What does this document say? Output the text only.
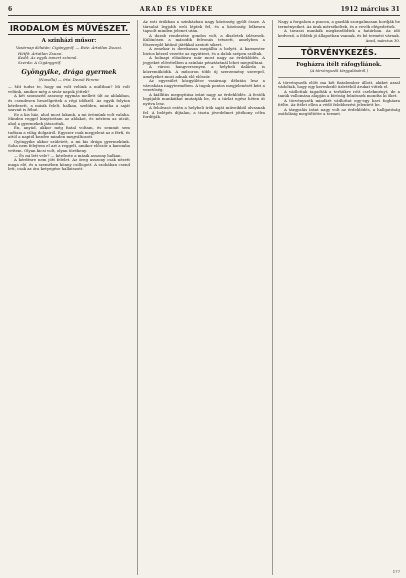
6	ARAD ÉS VIDÉKE	1912 március 31
IRODALOM ÉS MŰVÉSZET.
A szinházi műsor:
Vasárnap délután: Cigánygróf. — Este: Ártatlan Zsuzsi.
Hétfő: Ártatlan Zsuzsi.
Kedd: Az egyik ismert színmű.
Szerda: A Cigánygróf.
Gyöngyike, drága gyermek
(Novella) — írta: Dezső Ferenc

— Mit tudsz te, hogy mi volt velünk a múltban? Mi volt velünk, amikor még a sivár napok jöttek?

A két szomszéd asszony egymás mellett ült az ablakban, és csendesen beszélgettek a régi időkről. Az egyik folyton kérdezett, a másik felelt, halkan, szelíden, mintha a saját szavait is félné.

Ez a kis ház, ahol most lakunk, a mi örömünk volt valaha. Minden reggel kinyitottam az ablakot, és néztem az utcát, ahol a gyermekek játszottak.

Én, anyád, akkor még fiatal voltam, és semmit sem tudtam a világ dolgairól. Egyszer csak megjelent az a férfi, és attól a naptól kezdve minden megváltozott.

Gyöngyike akkor született, a mi kis drága gyermekünk. Soha nem felejtem el azt a reggelt, amikor először a karomba vettem. Olyan kicsi volt, olyan törékeny.

— És mi lett vele? — kérdezte a másik asszony halkan.

A kérdésre nem jött felelet. Az öreg asszony csak nézett maga elé, és a szemében könny csillogott. A szobában csend lett, csak az óra ketyegése hallatszott.

Az esti órákban a színházban nagy közönség gyűlt össze. A társulat legjobb erői léptek fel, és a közönség lelkesen tapsolt minden jelenet után.

A darab rendezése gondos volt, a díszletek ízlésesek. Különösen a második felvonás tetszett, amelyben a főszereplő kitűnő játékkal aratott sikert.

A zenekar is derekasan megállta a helyét. A karmester biztos kézzel vezette az együttest, és a dalok szépen szóltak.

A holnapi előadásra már most nagy az érdeklődés. A jegyeket elővételben a színház pénztáránál lehet megváltani.

A városi hangversenyen a helybeli dalárda is közreműködik. A műsoron több új szerzemény szerepel, amelyeket most adnak elő először.

Az egyesület közgyűlése vasárnap délután lesz a városháza nagytermében. A tagok pontos megjelenését kéri a vezetőség.

A kiállítás megnyitása iránt nagy az érdeklődés. A festők legújabb munkáikat mutatják be, és a tárlat egész héten át nyitva lesz.

A felolvasó estén a helybeli írók saját műveikből olvasnak fel. A belépés díjtalan, a tiszta jövedelmet jótékony célra fordítják.

Nagy a forgalom a piacon, a gazdák szorgalmasan hordják be terményeiket. Az árak mérsékeltek, és a vevők elégedettek.

A tavaszi munkák megkezdődtek a határban. Az idő kedvező, a földek jó állapotban vannak, és bő termést várnak.

Arad, március 30.
TÖRVÉNYKEZÉS.
Fogházra ítélt ráfogyliánok.
(A törvényszék tárgyalásáról.)

A törvényszék előtt ma két fiatalember állott, akiket azzal vádoltak, hogy egy kereskedő üzletéből árukat vittek el.

A vádlottak tagadták a terhükre rótt cselekményt, de a tanúk vallomása alapján a bíróság bűnösnek mondta ki őket.

A törvényszék mindkét vádlottat egy-egy havi fogházra ítélte. Az ítélet ellen a védő felebbezést jelentett be.

A tárgyalás iránt nagy volt az érdeklődés, a hallgatóság zsúfolásig megtöltötte a termet.

177
